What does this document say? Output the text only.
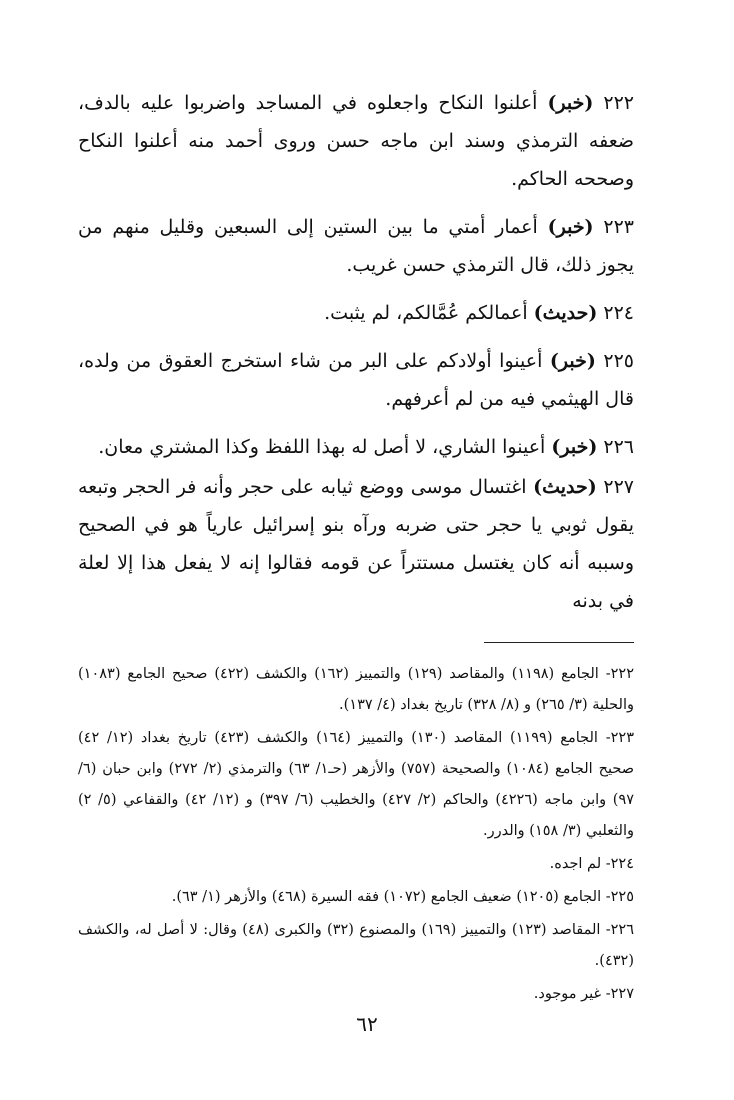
٢٢٢ (خبر) أعلنوا النكاح واجعلوه في المساجد واضربوا عليه بالدف، ضعفه الترمذي وسند ابن ماجه حسن وروى أحمد منه أعلنوا النكاح وصححه الحاكم.

٢٢٣ (خبر) أعمار أمتي ما بين الستين إلى السبعين وقليل منهم من يجوز ذلك، قال الترمذي حسن غريب.

٢٢٤ (حديث) أعمالكم عُمَّالكم، لم يثبت.

٢٢٥ (خبر) أعينوا أولادكم على البر من شاء استخرج العقوق من ولده، قال الهيثمي فيه من لم أعرفهم.

٢٢٦ (خبر) أعينوا الشاري، لا أصل له بهذا اللفظ وكذا المشتري معان.

٢٢٧ (حديث) اغتسال موسى ووضع ثيابه على حجر وأنه فر الحجر وتبعه يقول ثوبي يا حجر حتى ضربه ورآه بنو إسرائيل عارياً هو في الصحيح وسببه أنه كان يغتسل مستتراً عن قومه فقالوا إنه لا يفعل هذا إلا لعلة في بدنه

٢٢٢- الجامع (١١٩٨) والمقاصد (١٢٩) والتمييز (١٦٢) والكشف (٤٢٢) صحيح الجامع (١٠٨٣) والحلية (٣/ ٢٦٥) و (٨/ ٣٢٨) تاريخ بغداد (٤/ ١٣٧).

٢٢٣- الجامع (١١٩٩) المقاصد (١٣٠) والتمييز (١٦٤) والكشف (٤٢٣) تاريخ بغداد (١٢/ ٤٢) صحيح الجامع (١٠٨٤) والصحيحة (٧٥٧) والأزهر (حـ١/ ٦٣) والترمذي (٢/ ٢٧٢) وابن حبان (٦/ ٩٧) وابن ماجه (٤٢٢٦) والحاكم (٢/ ٤٢٧) والخطيب (٦/ ٣٩٧) و (١٢/ ٤٢) والقفاعي (٥/ ٢) والثعلبي (٣/ ١٥٨) والدرر.

٢٢٤- لم اجده.

٢٢٥- الجامع (١٢٠٥) ضعيف الجامع (١٠٧٢) فقه السيرة (٤٦٨) والأزهر (١/ ٦٣).

٢٢٦- المقاصد (١٢٣) والتمييز (١٦٩) والمصنوع (٣٢) والكبرى (٤٨) وقال: لا أصل له، والكشف (٤٣٢).

٢٢٧- غير موجود.

٦٢
